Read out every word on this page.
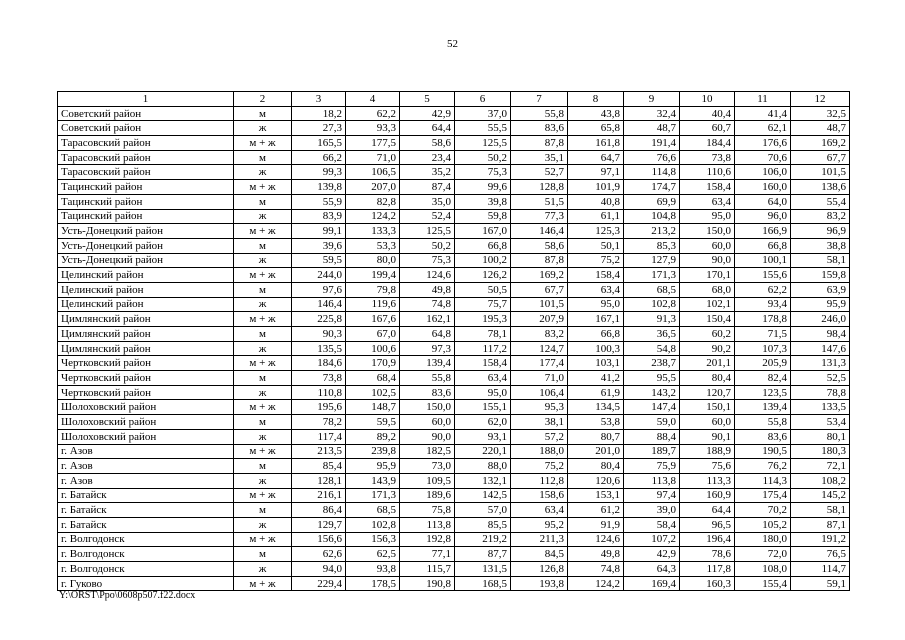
52
1	2	3	4	5	6	7	8	9	10	11	12
Советский район	м	18,2	62,2	42,9	37,0	55,8	43,8	32,4	40,4	41,4	32,5
Советский район	ж	27,3	93,3	64,4	55,5	83,6	65,8	48,7	60,7	62,1	48,7
Тарасовский район	м + ж	165,5	177,5	58,6	125,5	87,8	161,8	191,4	184,4	176,6	169,2
Тарасовский район	м	66,2	71,0	23,4	50,2	35,1	64,7	76,6	73,8	70,6	67,7
Тарасовский район	ж	99,3	106,5	35,2	75,3	52,7	97,1	114,8	110,6	106,0	101,5
Тацинский район	м + ж	139,8	207,0	87,4	99,6	128,8	101,9	174,7	158,4	160,0	138,6
Тацинский район	м	55,9	82,8	35,0	39,8	51,5	40,8	69,9	63,4	64,0	55,4
Тацинский район	ж	83,9	124,2	52,4	59,8	77,3	61,1	104,8	95,0	96,0	83,2
Усть-Донецкий район	м + ж	99,1	133,3	125,5	167,0	146,4	125,3	213,2	150,0	166,9	96,9
Усть-Донецкий район	м	39,6	53,3	50,2	66,8	58,6	50,1	85,3	60,0	66,8	38,8
Усть-Донецкий район	ж	59,5	80,0	75,3	100,2	87,8	75,2	127,9	90,0	100,1	58,1
Целинский район	м + ж	244,0	199,4	124,6	126,2	169,2	158,4	171,3	170,1	155,6	159,8
Целинский район	м	97,6	79,8	49,8	50,5	67,7	63,4	68,5	68,0	62,2	63,9
Целинский район	ж	146,4	119,6	74,8	75,7	101,5	95,0	102,8	102,1	93,4	95,9
Цимлянский район	м + ж	225,8	167,6	162,1	195,3	207,9	167,1	91,3	150,4	178,8	246,0
Цимлянский район	м	90,3	67,0	64,8	78,1	83,2	66,8	36,5	60,2	71,5	98,4
Цимлянский район	ж	135,5	100,6	97,3	117,2	124,7	100,3	54,8	90,2	107,3	147,6
Чертковский район	м + ж	184,6	170,9	139,4	158,4	177,4	103,1	238,7	201,1	205,9	131,3
Чертковский район	м	73,8	68,4	55,8	63,4	71,0	41,2	95,5	80,4	82,4	52,5
Чертковский район	ж	110,8	102,5	83,6	95,0	106,4	61,9	143,2	120,7	123,5	78,8
Шолоховский район	м + ж	195,6	148,7	150,0	155,1	95,3	134,5	147,4	150,1	139,4	133,5
Шолоховский район	м	78,2	59,5	60,0	62,0	38,1	53,8	59,0	60,0	55,8	53,4
Шолоховский район	ж	117,4	89,2	90,0	93,1	57,2	80,7	88,4	90,1	83,6	80,1
г. Азов	м + ж	213,5	239,8	182,5	220,1	188,0	201,0	189,7	188,9	190,5	180,3
г. Азов	м	85,4	95,9	73,0	88,0	75,2	80,4	75,9	75,6	76,2	72,1
г. Азов	ж	128,1	143,9	109,5	132,1	112,8	120,6	113,8	113,3	114,3	108,2
г. Батайск	м + ж	216,1	171,3	189,6	142,5	158,6	153,1	97,4	160,9	175,4	145,2
г. Батайск	м	86,4	68,5	75,8	57,0	63,4	61,2	39,0	64,4	70,2	58,1
г. Батайск	ж	129,7	102,8	113,8	85,5	95,2	91,9	58,4	96,5	105,2	87,1
г. Волгодонск	м + ж	156,6	156,3	192,8	219,2	211,3	124,6	107,2	196,4	180,0	191,2
г. Волгодонск	м	62,6	62,5	77,1	87,7	84,5	49,8	42,9	78,6	72,0	76,5
г. Волгодонск	ж	94,0	93,8	115,7	131,5	126,8	74,8	64,3	117,8	108,0	114,7
г. Гуково	м + ж	229,4	178,5	190,8	168,5	193,8	124,2	169,4	160,3	155,4	59,1
Y:\ORST\Ppo\0608p507.f22.docx
